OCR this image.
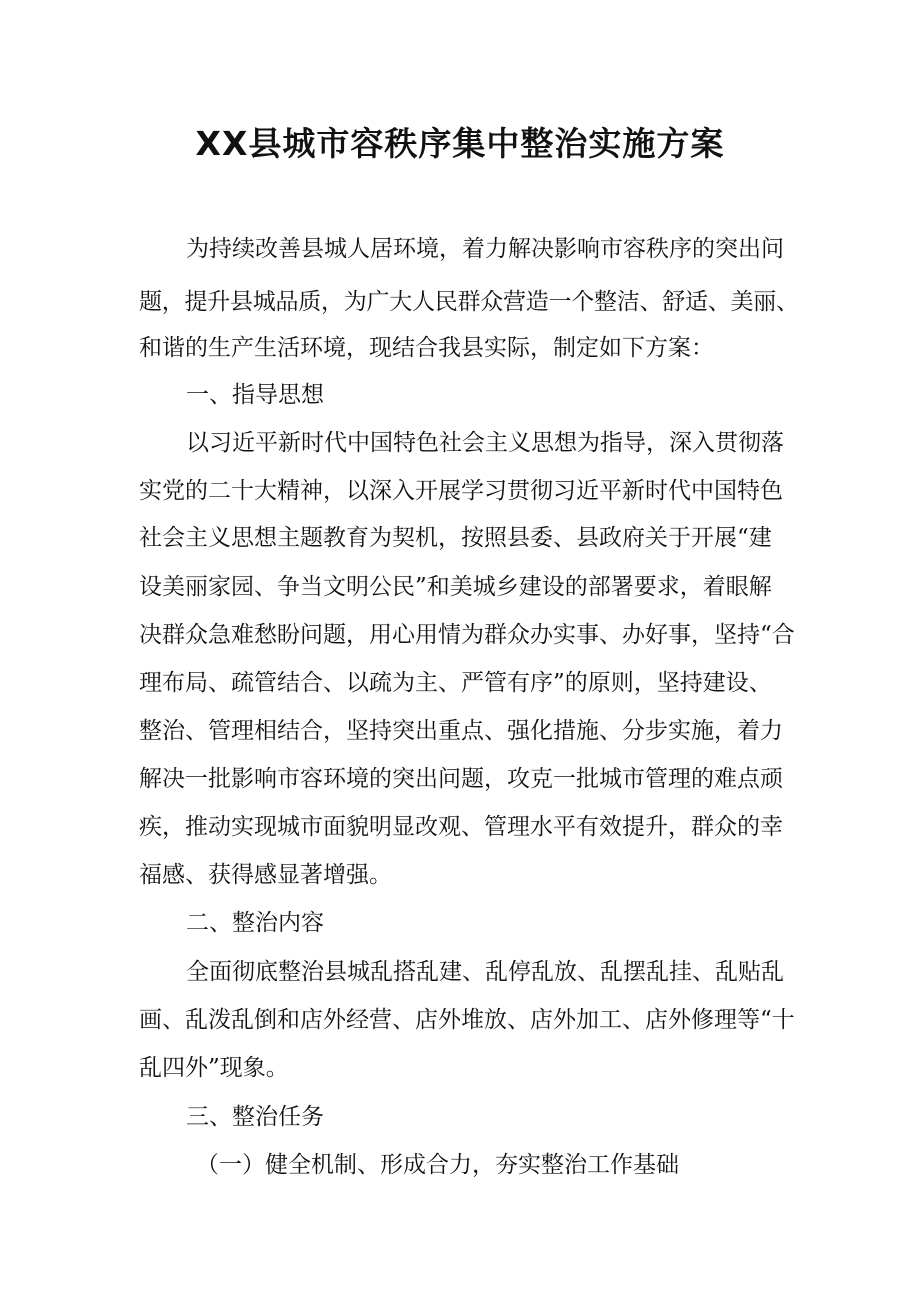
XX县城市容秩序集中整治实施方案
为持续改善县城人居环境，着力解决影响市容秩序的突出问
题，提升县城品质，为广大人民群众营造一个整洁、舒适、美丽、
和谐的生产生活环境，现结合我县实际，制定如下方案：
一、指导思想
以习近平新时代中国特色社会主义思想为指导，深入贯彻落
实党的二十大精神，以深入开展学习贯彻习近平新时代中国特色
社会主义思想主题教育为契机，按照县委、县政府关于开展“建
设美丽家园、争当文明公民”和美城乡建设的部署要求，着眼解
决群众急难愁盼问题，用心用情为群众办实事、办好事，坚持“合
理布局、疏管结合、以疏为主、严管有序”的原则，坚持建设、
整治、管理相结合，坚持突出重点、强化措施、分步实施，着力
解决一批影响市容环境的突出问题，攻克一批城市管理的难点顽
疾，推动实现城市面貌明显改观、管理水平有效提升，群众的幸
福感、获得感显著增强。
二、整治内容
全面彻底整治县城乱搭乱建、乱停乱放、乱摆乱挂、乱贴乱
画、乱泼乱倒和店外经营、店外堆放、店外加工、店外修理等“十
乱四外”现象。
三、整治任务
（一）健全机制、形成合力，夯实整治工作基础
